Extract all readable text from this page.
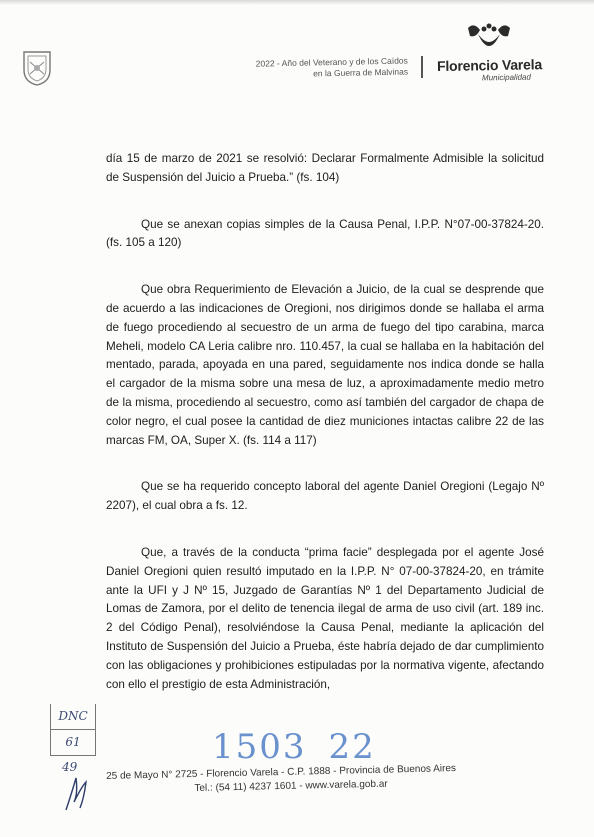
2022 - Año del Veterano y de los Caídos
en la Guerra de Malvinas Florencio Varela
Municipalidad

día 15 de marzo de 2021 se resolvió: Declarar Formalmente Admisible la solicitud de Suspensión del Juicio a Prueba.” (fs. 104)

Que se anexan copias simples de la Causa Penal, I.P.P. N°07-00-37824-20. (fs. 105 a 120)

Que obra Requerimiento de Elevación a Juicio, de la cual se desprende que de acuerdo a las indicaciones de Oregioni, nos dirigimos donde se hallaba el arma de fuego procediendo al secuestro de un arma de fuego del tipo carabina, marca Meheli, modelo CA Leria calibre nro. 110.457, la cual se hallaba en la habitación del mentado, parada, apoyada en una pared, seguidamente nos indica donde se halla el cargador de la misma sobre una mesa de luz, a aproximadamente medio metro de la misma, procediendo al secuestro, como así también del cargador de chapa de color negro, el cual posee la cantidad de diez municiones intactas calibre 22 de las marcas FM, OA, Super X. (fs. 114 a 117)

Que se ha requerido concepto laboral del agente Daniel Oregioni (Legajo Nº 2207), el cual obra a fs. 12.

Que, a través de la conducta “prima facie” desplegada por el agente José Daniel Oregioni quien resultó imputado en la I.P.P. N° 07-00-37824-20, en trámite ante la UFI y J Nº 15, Juzgado de Garantías Nº 1 del Departamento Judicial de Lomas de Zamora, por el delito de tenencia ilegal de arma de uso civil (art. 189 inc. 2 del Código Penal), resolviéndose la Causa Penal, mediante la aplicación del Instituto de Suspensión del Juicio a Prueba, éste habría dejado de dar cumplimiento con las obligaciones y prohibiciones estipuladas por la normativa vigente, afectando con ello el prestigio de esta Administración,

DNC
61
49	1503 22
25 de Mayo N° 2725 - Florencio Varela - C.P. 1888 - Provincia de Buenos Aires
Tel.: (54 11) 4237 1601 - www.varela.gob.ar
